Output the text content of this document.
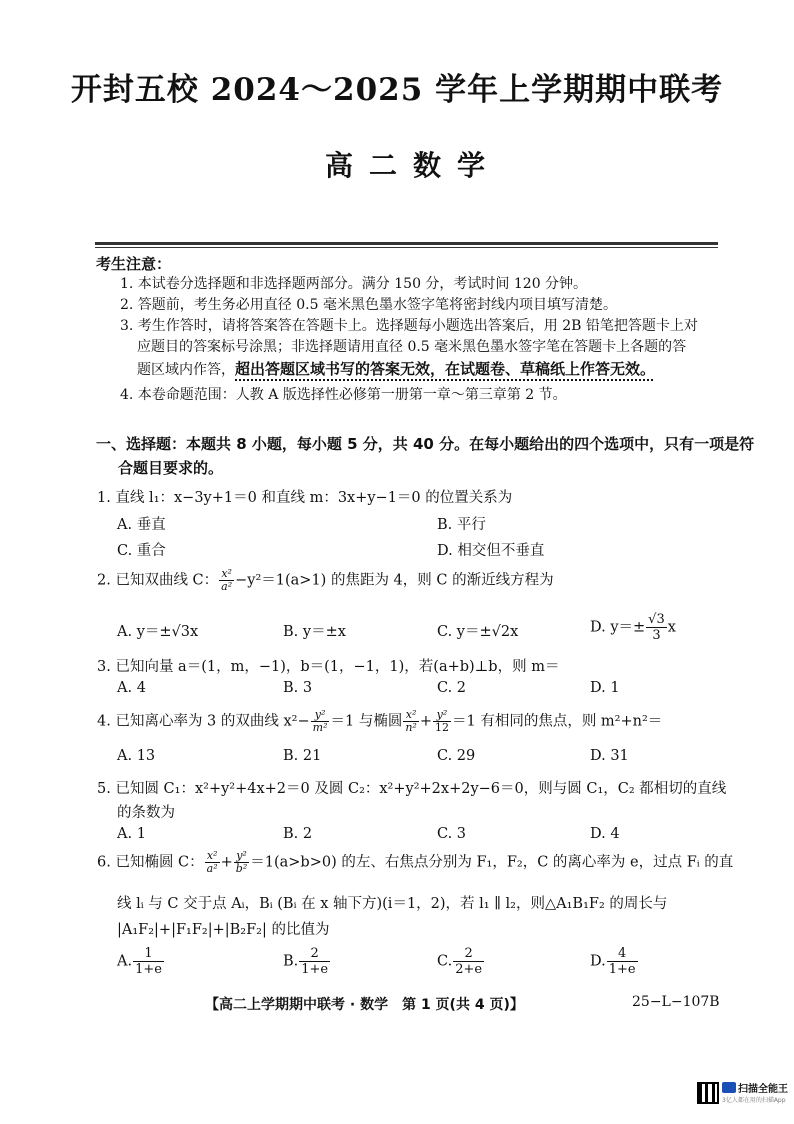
开封五校 2024～2025 学年上学期期中联考
高二数学
考生注意：
1. 本试卷分选择题和非选择题两部分。满分 150 分，考试时间 120 分钟。
2. 答题前，考生务必用直径 0.5 毫米黑色墨水签字笔将密封线内项目填写清楚。
3. 考生作答时，请将答案答在答题卡上。选择题每小题选出答案后，用 2B 铅笔把答题卡上对
应题目的答案标号涂黑；非选择题请用直径 0.5 毫米黑色墨水签字笔在答题卡上各题的答
题区域内作答，超出答题区域书写的答案无效，在试题卷、草稿纸上作答无效。
4. 本卷命题范围：人教 A 版选择性必修第一册第一章～第三章第 2 节。
一、选择题：本题共 8 小题，每小题 5 分，共 40 分。在每小题给出的四个选项中，只有一项是符
合题目要求的。
1. 直线 l₁：x−3y+1＝0 和直线 m：3x+y−1＝0 的位置关系为
A. 垂直	B. 平行
C. 重合	D. 相交但不垂直
2. 已知双曲线 C： $\frac{\text{x²}}{\text{a²}} -y^2=1(a>1)$ 的焦距为 4，则 C 的渐近线方程为
A. y＝±√3x	B. y＝±x	C. y＝±√2x	D. $y=\pm \frac{√3}{3}$ x
3. 已知向量 a＝(1，m，−1)，b＝(1，−1，1)，若(a+b)⊥b，则 m＝
A. 4	B. 3	C. 2	D. 1
4. 已知离心率为 3 的双曲线 $x^2- \frac{\text{y²}}{\text{m²}} =1$ 与椭圆 $\frac{\text{x²}}{\text{n²}} + \frac{\text{y²}}{12} =1$ 有相同的焦点，则 m²+n²＝
A. 13	B. 21	C. 29	D. 31
5. 已知圆 C₁：x²+y²+4x+2＝0 及圆 C₂：x²+y²+2x+2y−6＝0，则与圆 C₁，C₂ 都相切的直线
的条数为
A. 1	B. 2	C. 3	D. 4
6. 已知椭圆 C： $\frac{\text{x²}}{\text{a²}} + \frac{\text{y²}}{\text{b²}} =1(a>b>0)$ 的左、右焦点分别为 F₁，F₂，C 的离心率为 e，过点 Fᵢ 的直
线 lᵢ 与 C 交于点 Aᵢ，Bᵢ (Bᵢ 在 x 轴下方)(i＝1，2)，若 l₁ ∥ l₂，则△A₁B₁F₂ 的周长与
|A₁F₂|+|F₁F₂|+|B₂F₂| 的比值为
A. $\frac{1}{1+e}$	B. $\frac{2}{1+e}$	C. $\frac{2}{2+e}$	D. $\frac{4}{1+e}$
【高二上学期期中联考 · 数学　第 1 页(共 4 页)】	25−L−107B
扫描全能王
3亿人都在用的扫描App
